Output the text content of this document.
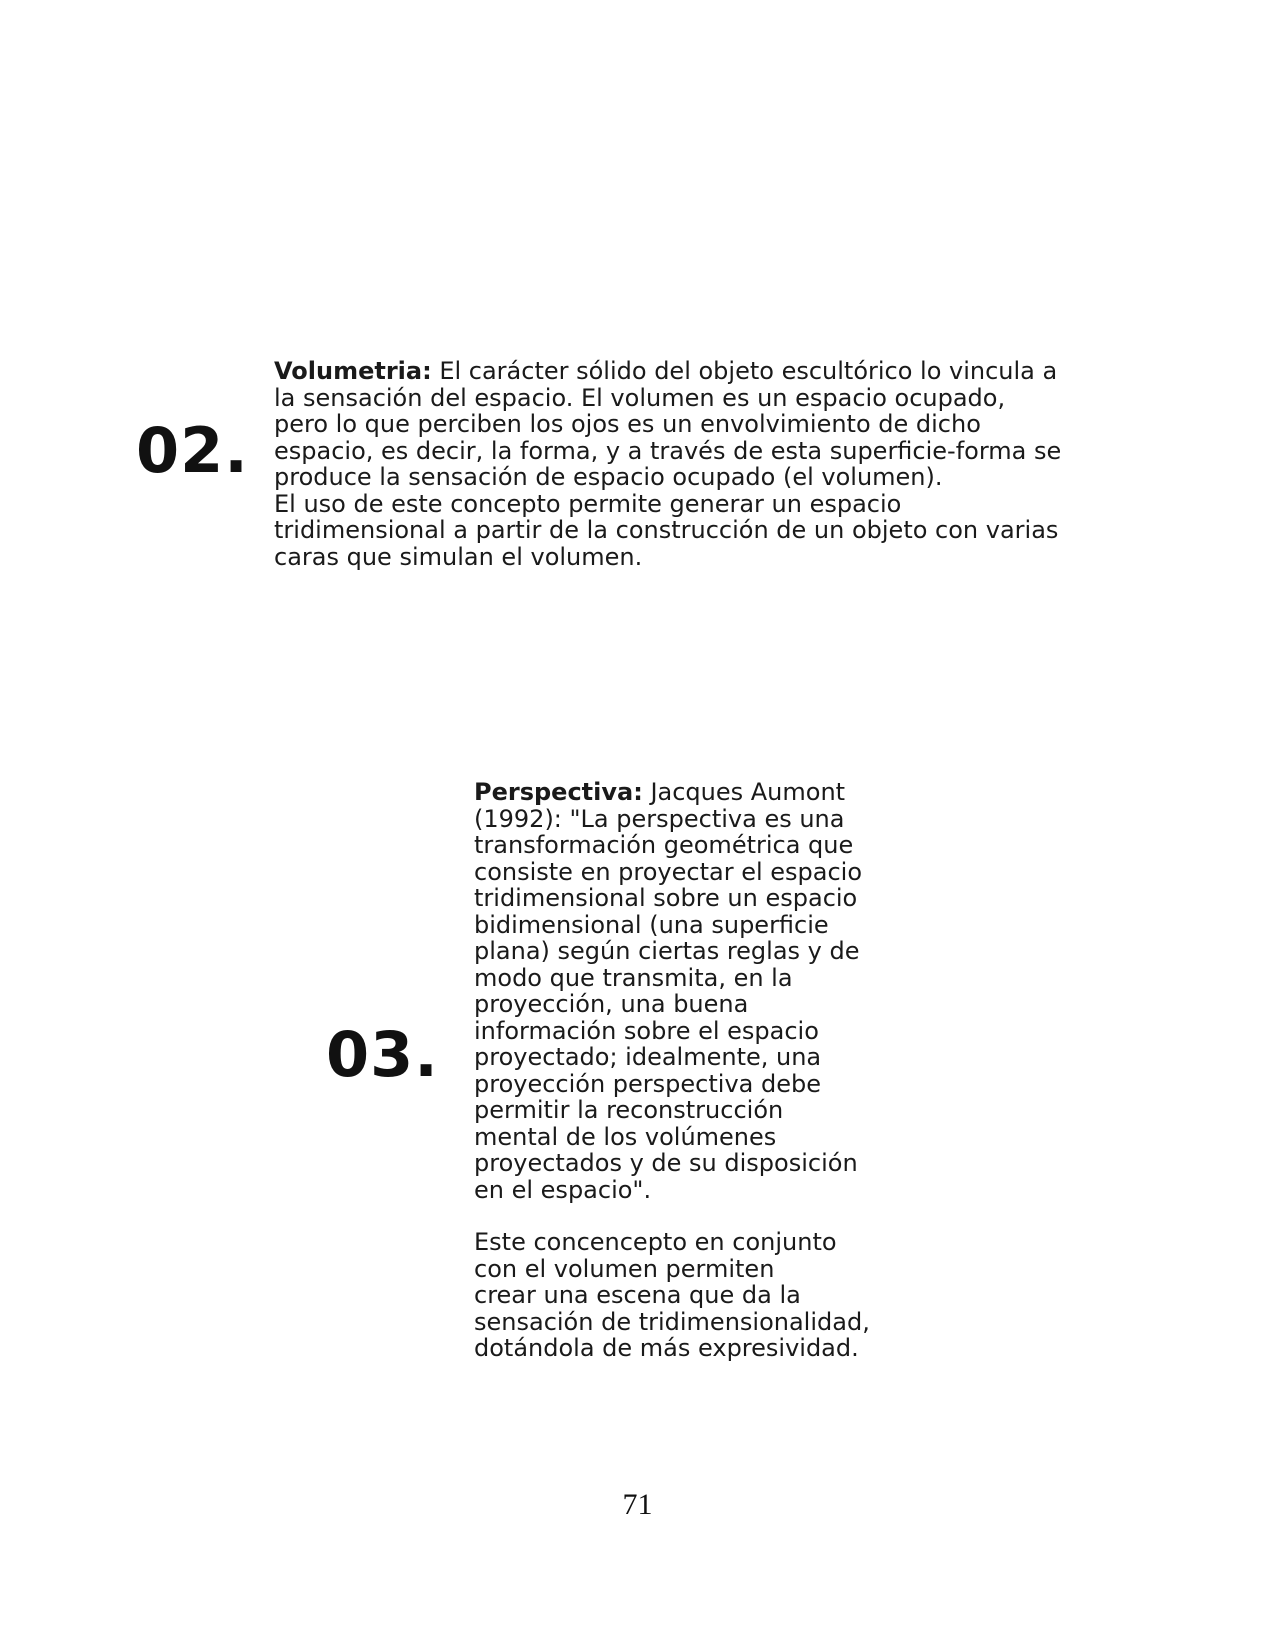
02.

Volumetria: El carácter sólido del objeto escultórico lo vincula a
la sensación del espacio. El volumen es un espacio ocupado,
pero lo que perciben los ojos es un envolvimiento de dicho
espacio, es decir, la forma, y a través de esta superficie-forma se
produce la sensación de espacio ocupado (el volumen).
El uso de este concepto permite generar un espacio
tridimensional a partir de la construcción de un objeto con varias
caras que simulan el volumen.

03.

Perspectiva: Jacques Aumont
(1992): "La perspectiva es una
transformación geométrica que
consiste en proyectar el espacio
tridimensional sobre un espacio
bidimensional (una superficie
plana) según ciertas reglas y de
modo que transmita, en la
proyección, una buena
información sobre el espacio
proyectado; idealmente, una
proyección perspectiva debe
permitir la reconstrucción
mental de los volúmenes
proyectados y de su disposición
en el espacio".

Este concencepto en conjunto
con el volumen permiten
crear una escena que da la
sensación de tridimensionalidad,
dotándola de más expresividad.

71
